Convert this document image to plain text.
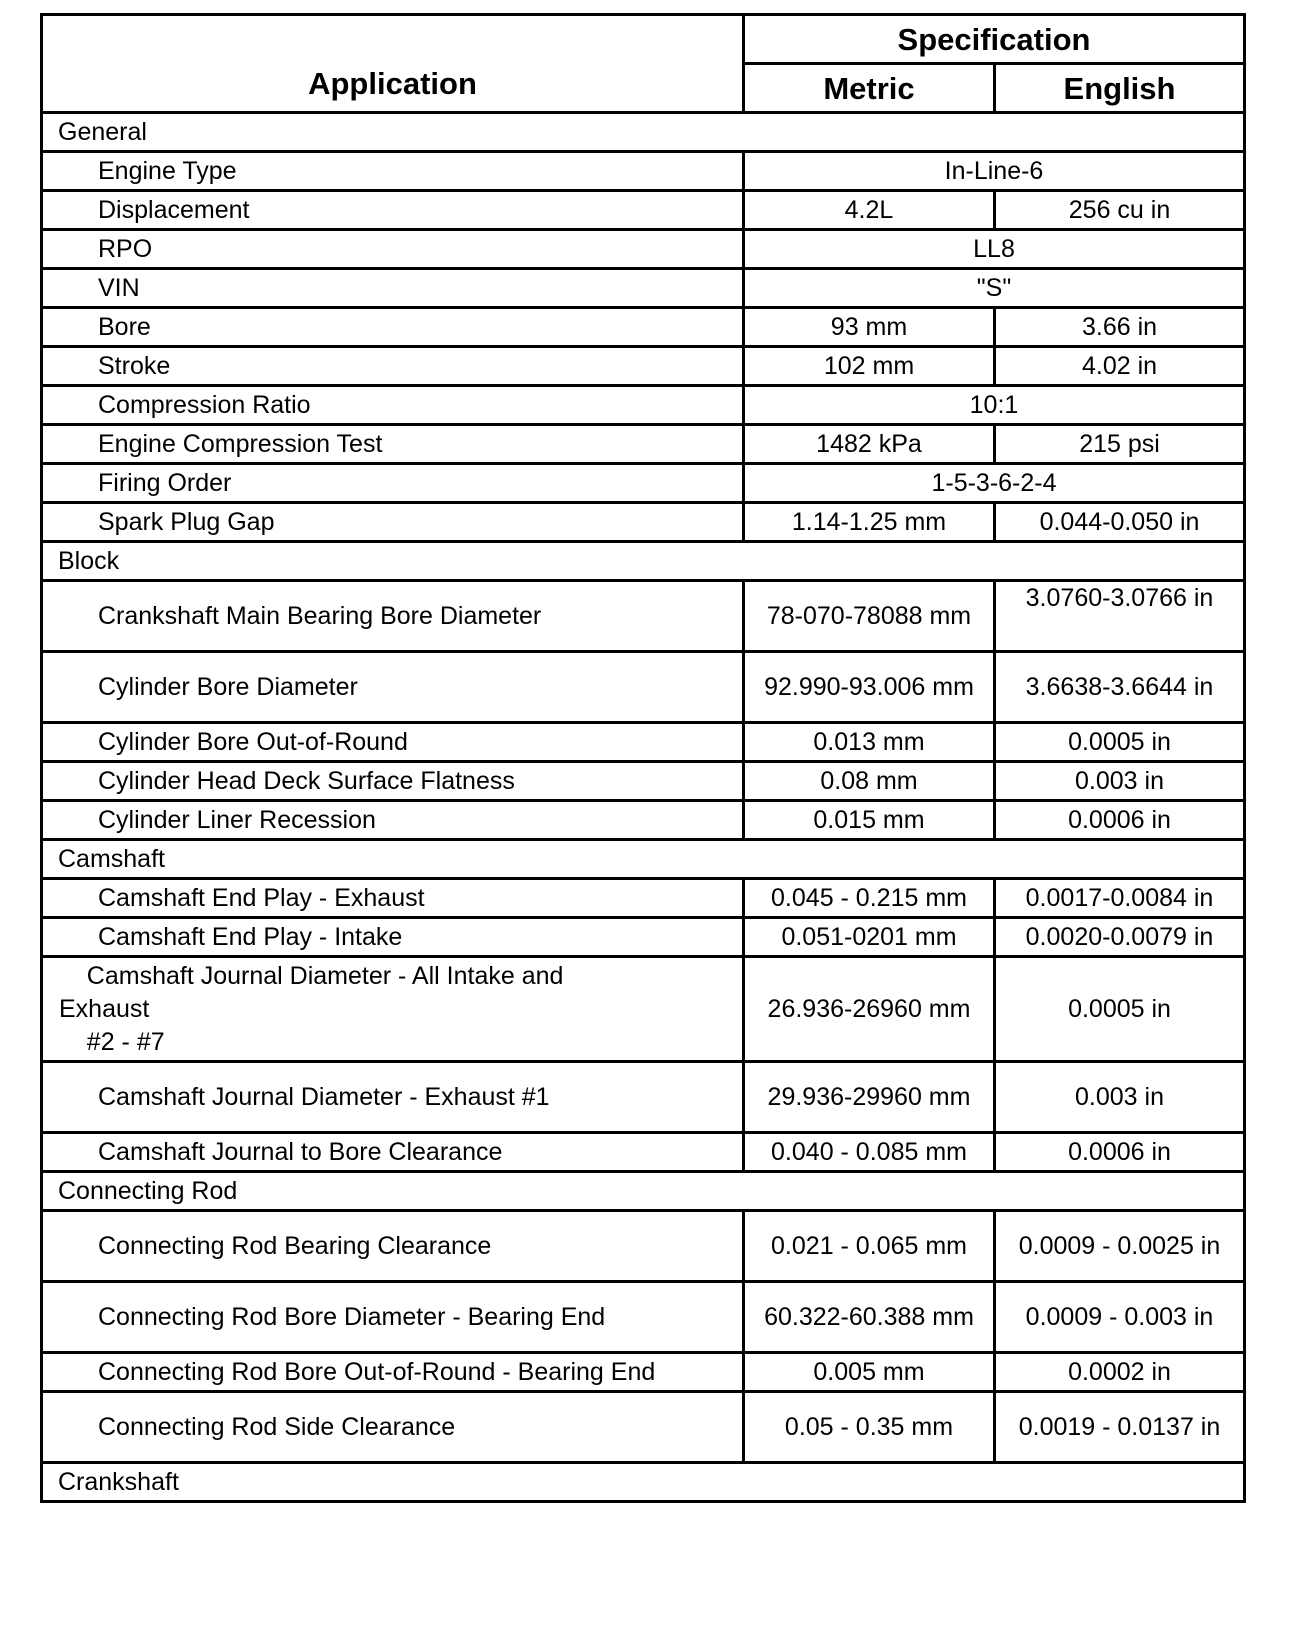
Application	Specification	
	Metric	English
General		
Engine Type	In-Line-6	
Displacement	4.2L	256 cu in
RPO	LL8	
VIN	"S"	
Bore	93 mm	3.66 in
Stroke	102 mm	4.02 in
Compression Ratio	10:1	
Engine Compression Test	1482 kPa	215 psi
Firing Order	1-5-3-6-2-4	
Spark Plug Gap	1.14-1.25 mm	0.044-0.050 in
Block		
Crankshaft Main Bearing Bore Diameter	78-070-78088 mm	3.0760-3.0766 in
Cylinder Bore Diameter	92.990-93.006 mm	3.6638-3.6644 in
Cylinder Bore Out-of-Round	0.013 mm	0.0005 in
Cylinder Head Deck Surface Flatness	0.08 mm	0.003 in
Cylinder Liner Recession	0.015 mm	0.0006 in
Camshaft		
Camshaft End Play - Exhaust	0.045 - 0.215 mm	0.0017-0.0084 in
Camshaft End Play - Intake	0.051-0201 mm	0.0020-0.0079 in
Camshaft Journal Diameter - All Intake and
Exhaust
#2 - #7	26.936-26960 mm	0.0005 in
Camshaft Journal Diameter - Exhaust #1	29.936-29960 mm	0.003 in
Camshaft Journal to Bore Clearance	0.040 - 0.085 mm	0.0006 in
Connecting Rod		
Connecting Rod Bearing Clearance	0.021 - 0.065 mm	0.0009 - 0.0025 in
Connecting Rod Bore Diameter - Bearing End	60.322-60.388 mm	0.0009 - 0.003 in
Connecting Rod Bore Out-of-Round - Bearing End	0.005 mm	0.0002 in
Connecting Rod Side Clearance	0.05 - 0.35 mm	0.0019 - 0.0137 in
Crankshaft		
